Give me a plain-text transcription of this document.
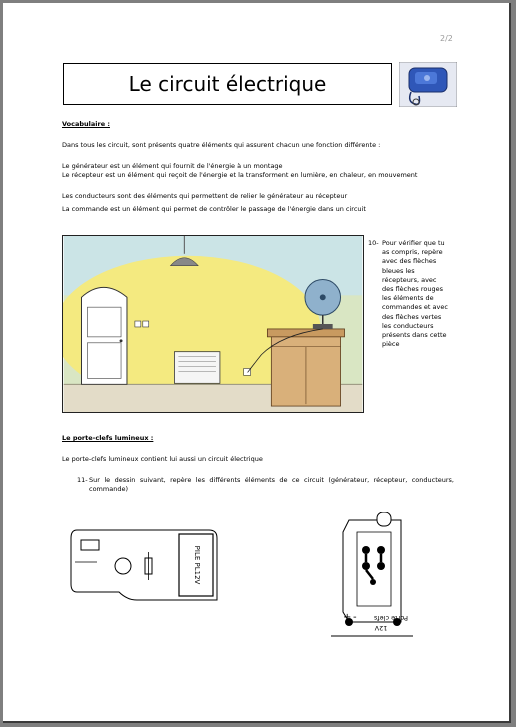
2/2
Le circuit électrique
Vocabulaire :
Dans tous les circuit, sont présents quatre éléments qui assurent chacun une fonction différente :
Le générateur est un élément qui fournit de l'énergie à un montage
Le récepteur est un élément qui reçoit de l'énergie et la transforment en lumière, en chaleur, en mouvement
Les conducteurs sont des éléments qui permettent de relier le générateur au récepteur
La commande est un élément qui permet de contrôler le passage de l'énergie dans un circuit
10- Pour vérifier que tu as compris, repère avec des flèches bleues les récepteurs, avec des flèches rouges les éléments de commandes et avec des flèches vertes les conducteurs présents dans cette pièce
Le porte-clefs lumineux :
Le porte-clefs lumineux contient lui aussi un circuit électrique
11- Sur le dessin suivant, repère les différents éléments de ce circuit (générateur, récepteur, conducteurs, commande)
PILE PL12V
+ -	Porte clefs
12V
